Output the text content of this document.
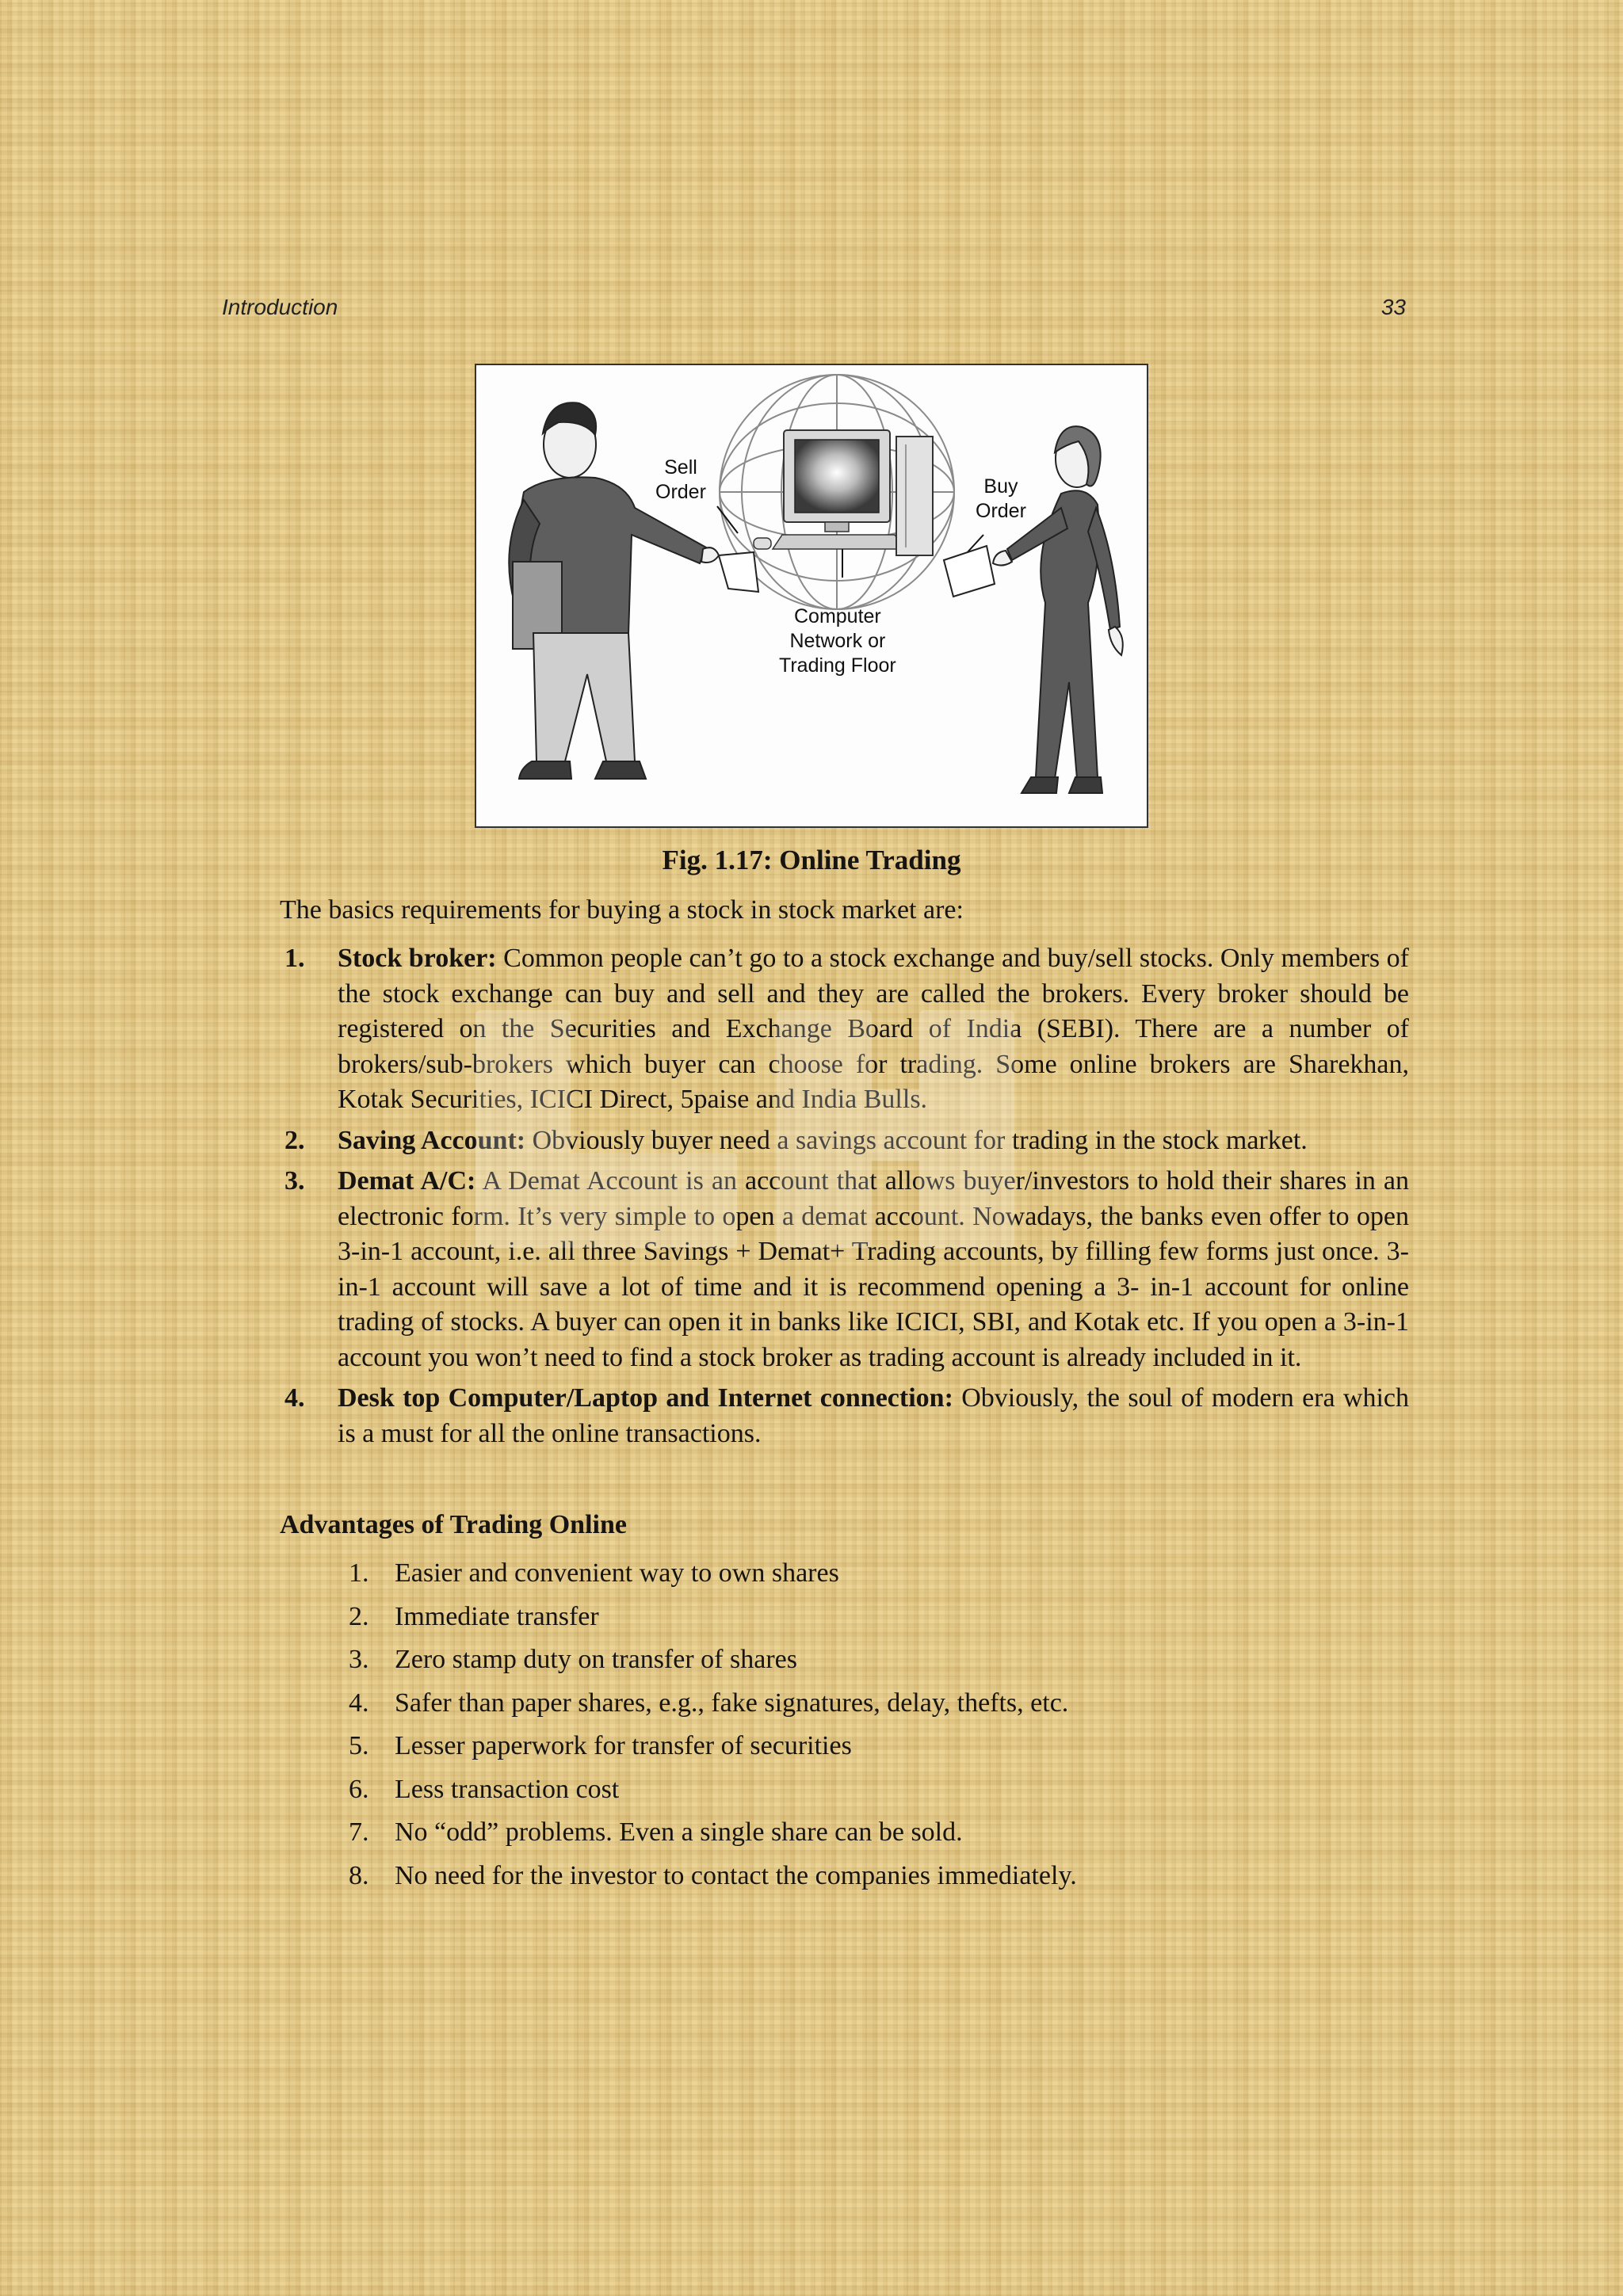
Introduction	33
Sell
Order	Buy
Order
Computer
Network or
Trading Floor
Fig. 1.17: Online Trading
The basics requirements for buying a stock in stock market are:
1. Stock broker: Common people can’t go to a stock exchange and buy/sell stocks. Only members of the stock exchange can buy and sell and they are called the brokers. Every broker should be registered on the Securities and Exchange Board of India (SEBI). There are a number of brokers/sub-brokers which buyer can choose for trading. Some online brokers are Sharekhan, Kotak Securities, ICICI Direct, 5paise and India Bulls.
2. Saving Account: Obviously buyer need a savings account for trading in the stock market.
3. Demat A/C: A Demat Account is an account that allows buyer/investors to hold their shares in an electronic form. It’s very simple to open a demat account. Nowadays, the banks even offer to open 3-in-1 account, i.e. all three Savings + Demat+ Trading accounts, by filling few forms just once. 3-in-1 account will save a lot of time and it is recommend opening a 3- in-1 account for online trading of stocks. A buyer can open it in banks like ICICI, SBI, and Kotak etc. If you open a 3-in-1 account you won’t need to find a stock broker as trading account is already included in it.
4. Desk top Computer/Laptop and Internet connection: Obviously, the soul of modern era which is a must for all the online transactions.
Advantages of Trading Online
1. Easier and convenient way to own shares
2. Immediate transfer
3. Zero stamp duty on transfer of shares
4. Safer than paper shares, e.g., fake signatures, delay, thefts, etc.
5. Lesser paperwork for transfer of securities
6. Less transaction cost
7. No “odd” problems. Even a single share can be sold.
8. No need for the investor to contact the companies immediately.
